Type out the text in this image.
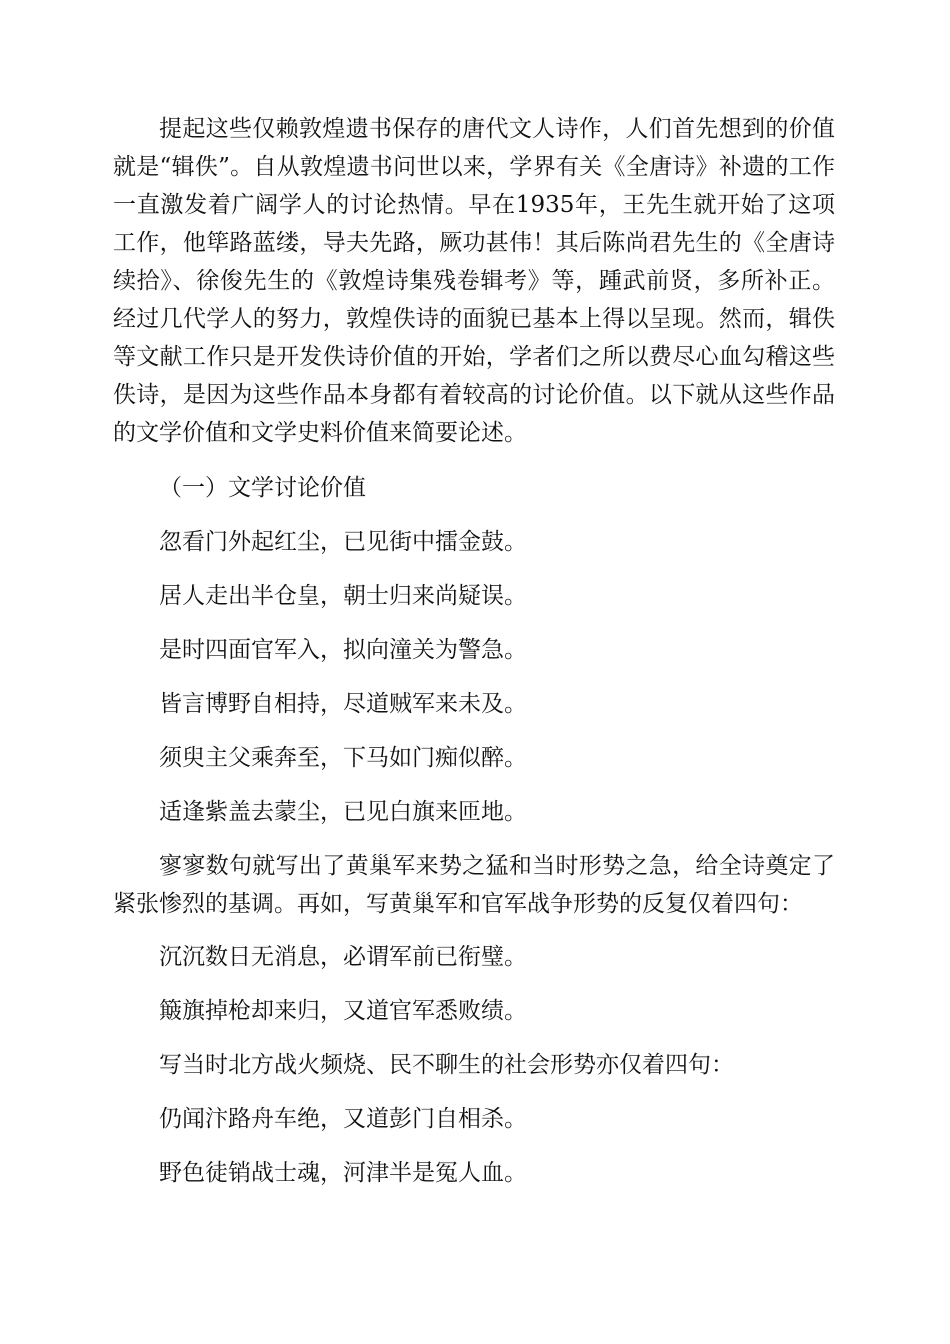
提起这些仅赖敦煌遗书保存的唐代文人诗作，人们首先想到的价值就是“辑佚”。自从敦煌遗书问世以来，学界有关《全唐诗》补遗的工作一直激发着广阔学人的讨论热情。早在1935年，王先生就开始了这项工作，他筚路蓝缕，导夫先路，厥功甚伟！其后陈尚君先生的《全唐诗续拾》、徐俊先生的《敦煌诗集残卷辑考》等，踵武前贤，多所补正。经过几代学人的努力，敦煌佚诗的面貌已基本上得以呈现。然而，辑佚等文献工作只是开发佚诗价值的开始，学者们之所以费尽心血勾稽这些佚诗，是因为这些作品本身都有着较高的讨论价值。以下就从这些作品的文学价值和文学史料价值来简要论述。

（一）文学讨论价值

忽看门外起红尘，已见街中擂金鼓。

居人走出半仓皇，朝士归来尚疑误。

是时四面官军入，拟向潼关为警急。

皆言博野自相持，尽道贼军来未及。

须臾主父乘奔至，下马如门痴似醉。

适逢紫盖去蒙尘，已见白旗来匝地。

寥寥数句就写出了黄巢军来势之猛和当时形势之急，给全诗奠定了紧张惨烈的基调。再如，写黄巢军和官军战争形势的反复仅着四句：

沉沉数日无消息，必谓军前已衔璧。

簸旗掉枪却来归，又道官军悉败绩。

写当时北方战火频烧、民不聊生的社会形势亦仅着四句：

仍闻汴路舟车绝，又道彭门自相杀。

野色徒销战士魂，河津半是冤人血。
